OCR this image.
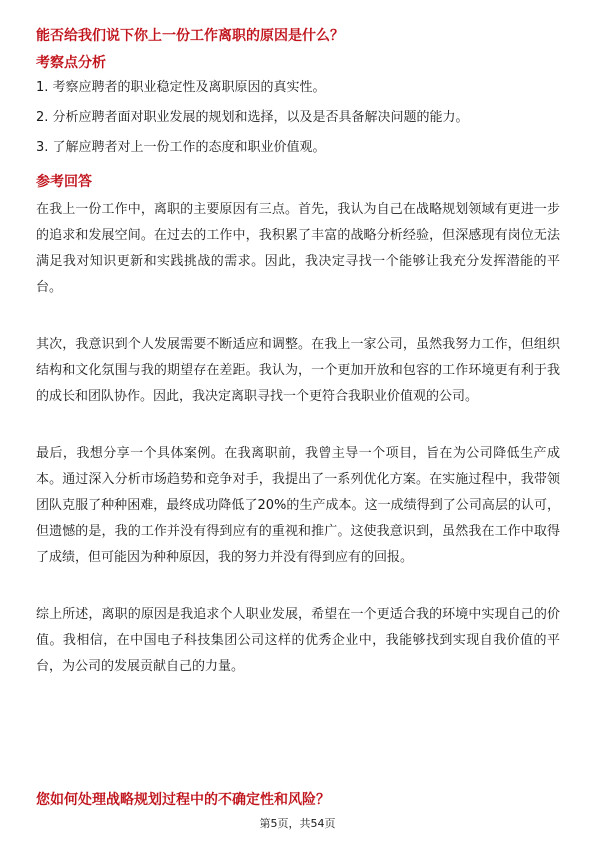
能否给我们说下你上一份工作离职的原因是什么？
考察点分析
1. 考察应聘者的职业稳定性及离职原因的真实性。
2. 分析应聘者面对职业发展的规划和选择，以及是否具备解决问题的能力。
3. 了解应聘者对上一份工作的态度和职业价值观。
参考回答

在我上一份工作中，离职的主要原因有三点。首先，我认为自己在战略规划领域有更进一步的追求和发展空间。在过去的工作中，我积累了丰富的战略分析经验，但深感现有岗位无法满足我对知识更新和实践挑战的需求。因此，我决定寻找一个能够让我充分发挥潜能的平台。

其次，我意识到个人发展需要不断适应和调整。在我上一家公司，虽然我努力工作，但组织结构和文化氛围与我的期望存在差距。我认为，一个更加开放和包容的工作环境更有利于我的成长和团队协作。因此，我决定离职寻找一个更符合我职业价值观的公司。

最后，我想分享一个具体案例。在我离职前，我曾主导一个项目，旨在为公司降低生产成本。通过深入分析市场趋势和竞争对手，我提出了一系列优化方案。在实施过程中，我带领团队克服了种种困难，最终成功降低了20%的生产成本。这一成绩得到了公司高层的认可，但遗憾的是，我的工作并没有得到应有的重视和推广。这使我意识到，虽然我在工作中取得了成绩，但可能因为种种原因，我的努力并没有得到应有的回报。

综上所述，离职的原因是我追求个人职业发展，希望在一个更适合我的环境中实现自己的价值。我相信，在中国电子科技集团公司这样的优秀企业中，我能够找到实现自我价值的平台，为公司的发展贡献自己的力量。

您如何处理战略规划过程中的不确定性和风险？
第5页，共54页
